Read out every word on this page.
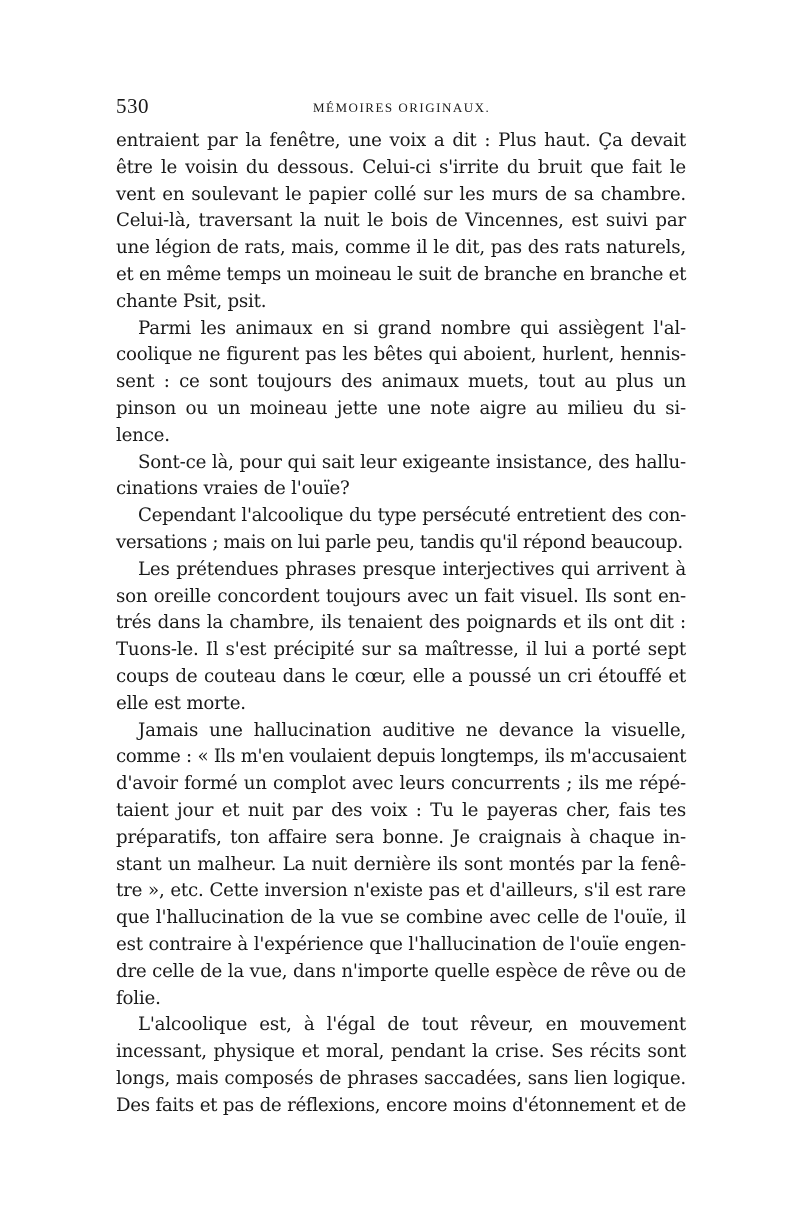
530	MÉMOIRES ORIGINAUX.
entraient par la fenêtre, une voix a dit : Plus haut. Ça devait
être le voisin du dessous. Celui-ci s'irrite du bruit que fait le
vent en soulevant le papier collé sur les murs de sa chambre.
Celui-là, traversant la nuit le bois de Vincennes, est suivi par
une légion de rats, mais, comme il le dit, pas des rats naturels,
et en même temps un moineau le suit de branche en branche et
chante Psit, psit.
Parmi les animaux en si grand nombre qui assiègent l'al-
coolique ne figurent pas les bêtes qui aboient, hurlent, hennis-
sent : ce sont toujours des animaux muets, tout au plus un
pinson ou un moineau jette une note aigre au milieu du si-
lence.
Sont-ce là, pour qui sait leur exigeante insistance, des hallu-
cinations vraies de l'ouïe?
Cependant l'alcoolique du type persécuté entretient des con-
versations ; mais on lui parle peu, tandis qu'il répond beaucoup.
Les prétendues phrases presque interjectives qui arrivent à
son oreille concordent toujours avec un fait visuel. Ils sont en-
trés dans la chambre, ils tenaient des poignards et ils ont dit :
Tuons-le. Il s'est précipité sur sa maîtresse, il lui a porté sept
coups de couteau dans le cœur, elle a poussé un cri étouffé et
elle est morte.
Jamais une hallucination auditive ne devance la visuelle,
comme : « Ils m'en voulaient depuis longtemps, ils m'accusaient
d'avoir formé un complot avec leurs concurrents ; ils me répé-
taient jour et nuit par des voix : Tu le payeras cher, fais tes
préparatifs, ton affaire sera bonne. Je craignais à chaque in-
stant un malheur. La nuit dernière ils sont montés par la fenê-
tre », etc. Cette inversion n'existe pas et d'ailleurs, s'il est rare
que l'hallucination de la vue se combine avec celle de l'ouïe, il
est contraire à l'expérience que l'hallucination de l'ouïe engen-
dre celle de la vue, dans n'importe quelle espèce de rêve ou de
folie.
L'alcoolique est, à l'égal de tout rêveur, en mouvement
incessant, physique et moral, pendant la crise. Ses récits sont
longs, mais composés de phrases saccadées, sans lien logique.
Des faits et pas de réflexions, encore moins d'étonnement et de
